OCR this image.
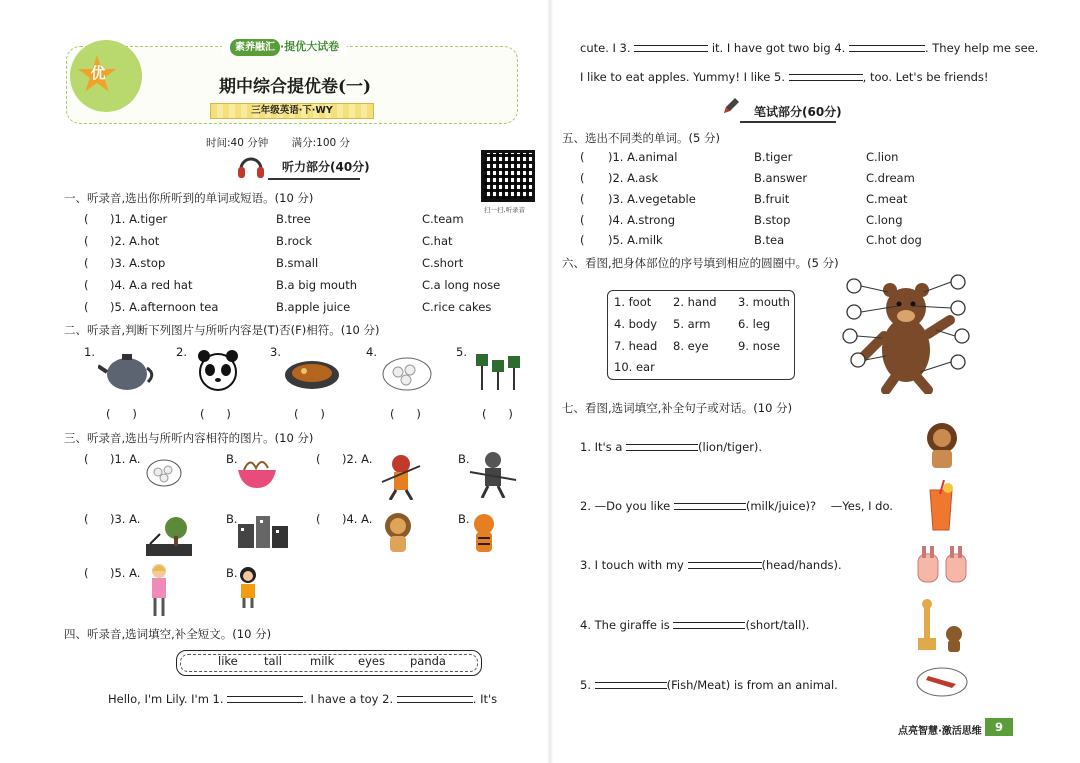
优
素养融汇 ·提优大试卷
期中综合提优卷(一)
三年级英语·下·WY
时间:40 分钟 满分:100 分
听力部分(40分)
扫一扫,听录音
一、听录音,选出你所听到的单词或短语。(10 分)
( )1. A.tiger	B.tree	C.team
( )2. A.hot	B.rock	C.hat
( )3. A.stop	B.small	C.short
( )4. A.a red hat	B.a big mouth	C.a long nose
( )5. A.afternoon tea	B.apple juice	C.rice cakes
二、听录音,判断下列图片与所听内容是(T)否(F)相符。(10 分)
1.	2.	3.	4.	5.
(      )	(      )	(      )	(      )	(      )
三、听录音,选出与所听内容相符的图片。(10 分)
( )1. A.	B.	( )2. A.	B.
( )3. A.	B.	( )4. A.	B.
( )5. A.	B.
四、听录音,选词填空,补全短文。(10 分)
like tall milk eyes panda
Hello, I'm Lily. I'm 1.	. I have a toy 2.	. It's
cute. I 3.	it. I have got two big 4.	. They help me see.
I like to eat apples. Yummy! I like 5.	, too. Let's be friends!
笔试部分(60分)
五、选出不同类的单词。(5 分)
( )1. A.animal	B.tiger	C.lion
( )2. A.ask	B.answer	C.dream
( )3. A.vegetable	B.fruit	C.meat
( )4. A.strong	B.stop	C.long
( )5. A.milk	B.tea	C.hot dog
六、看图,把身体部位的序号填到相应的圆圈中。(5 分)
1. foot 2. hand 3. mouth
4. body 5. arm 6. leg
7. head 8. eye	9. nose
10. ear
七、看图,选词填空,补全句子或对话。(10 分)
1. It's a	(lion/tiger).
2. —Do you like	(milk/juice)? —Yes, I do.
3. I touch with my	(head/hands).
4. The giraffe is	(short/tall).
5.	(Fish/Meat) is from an animal.
点亮智慧·激活思维	9
